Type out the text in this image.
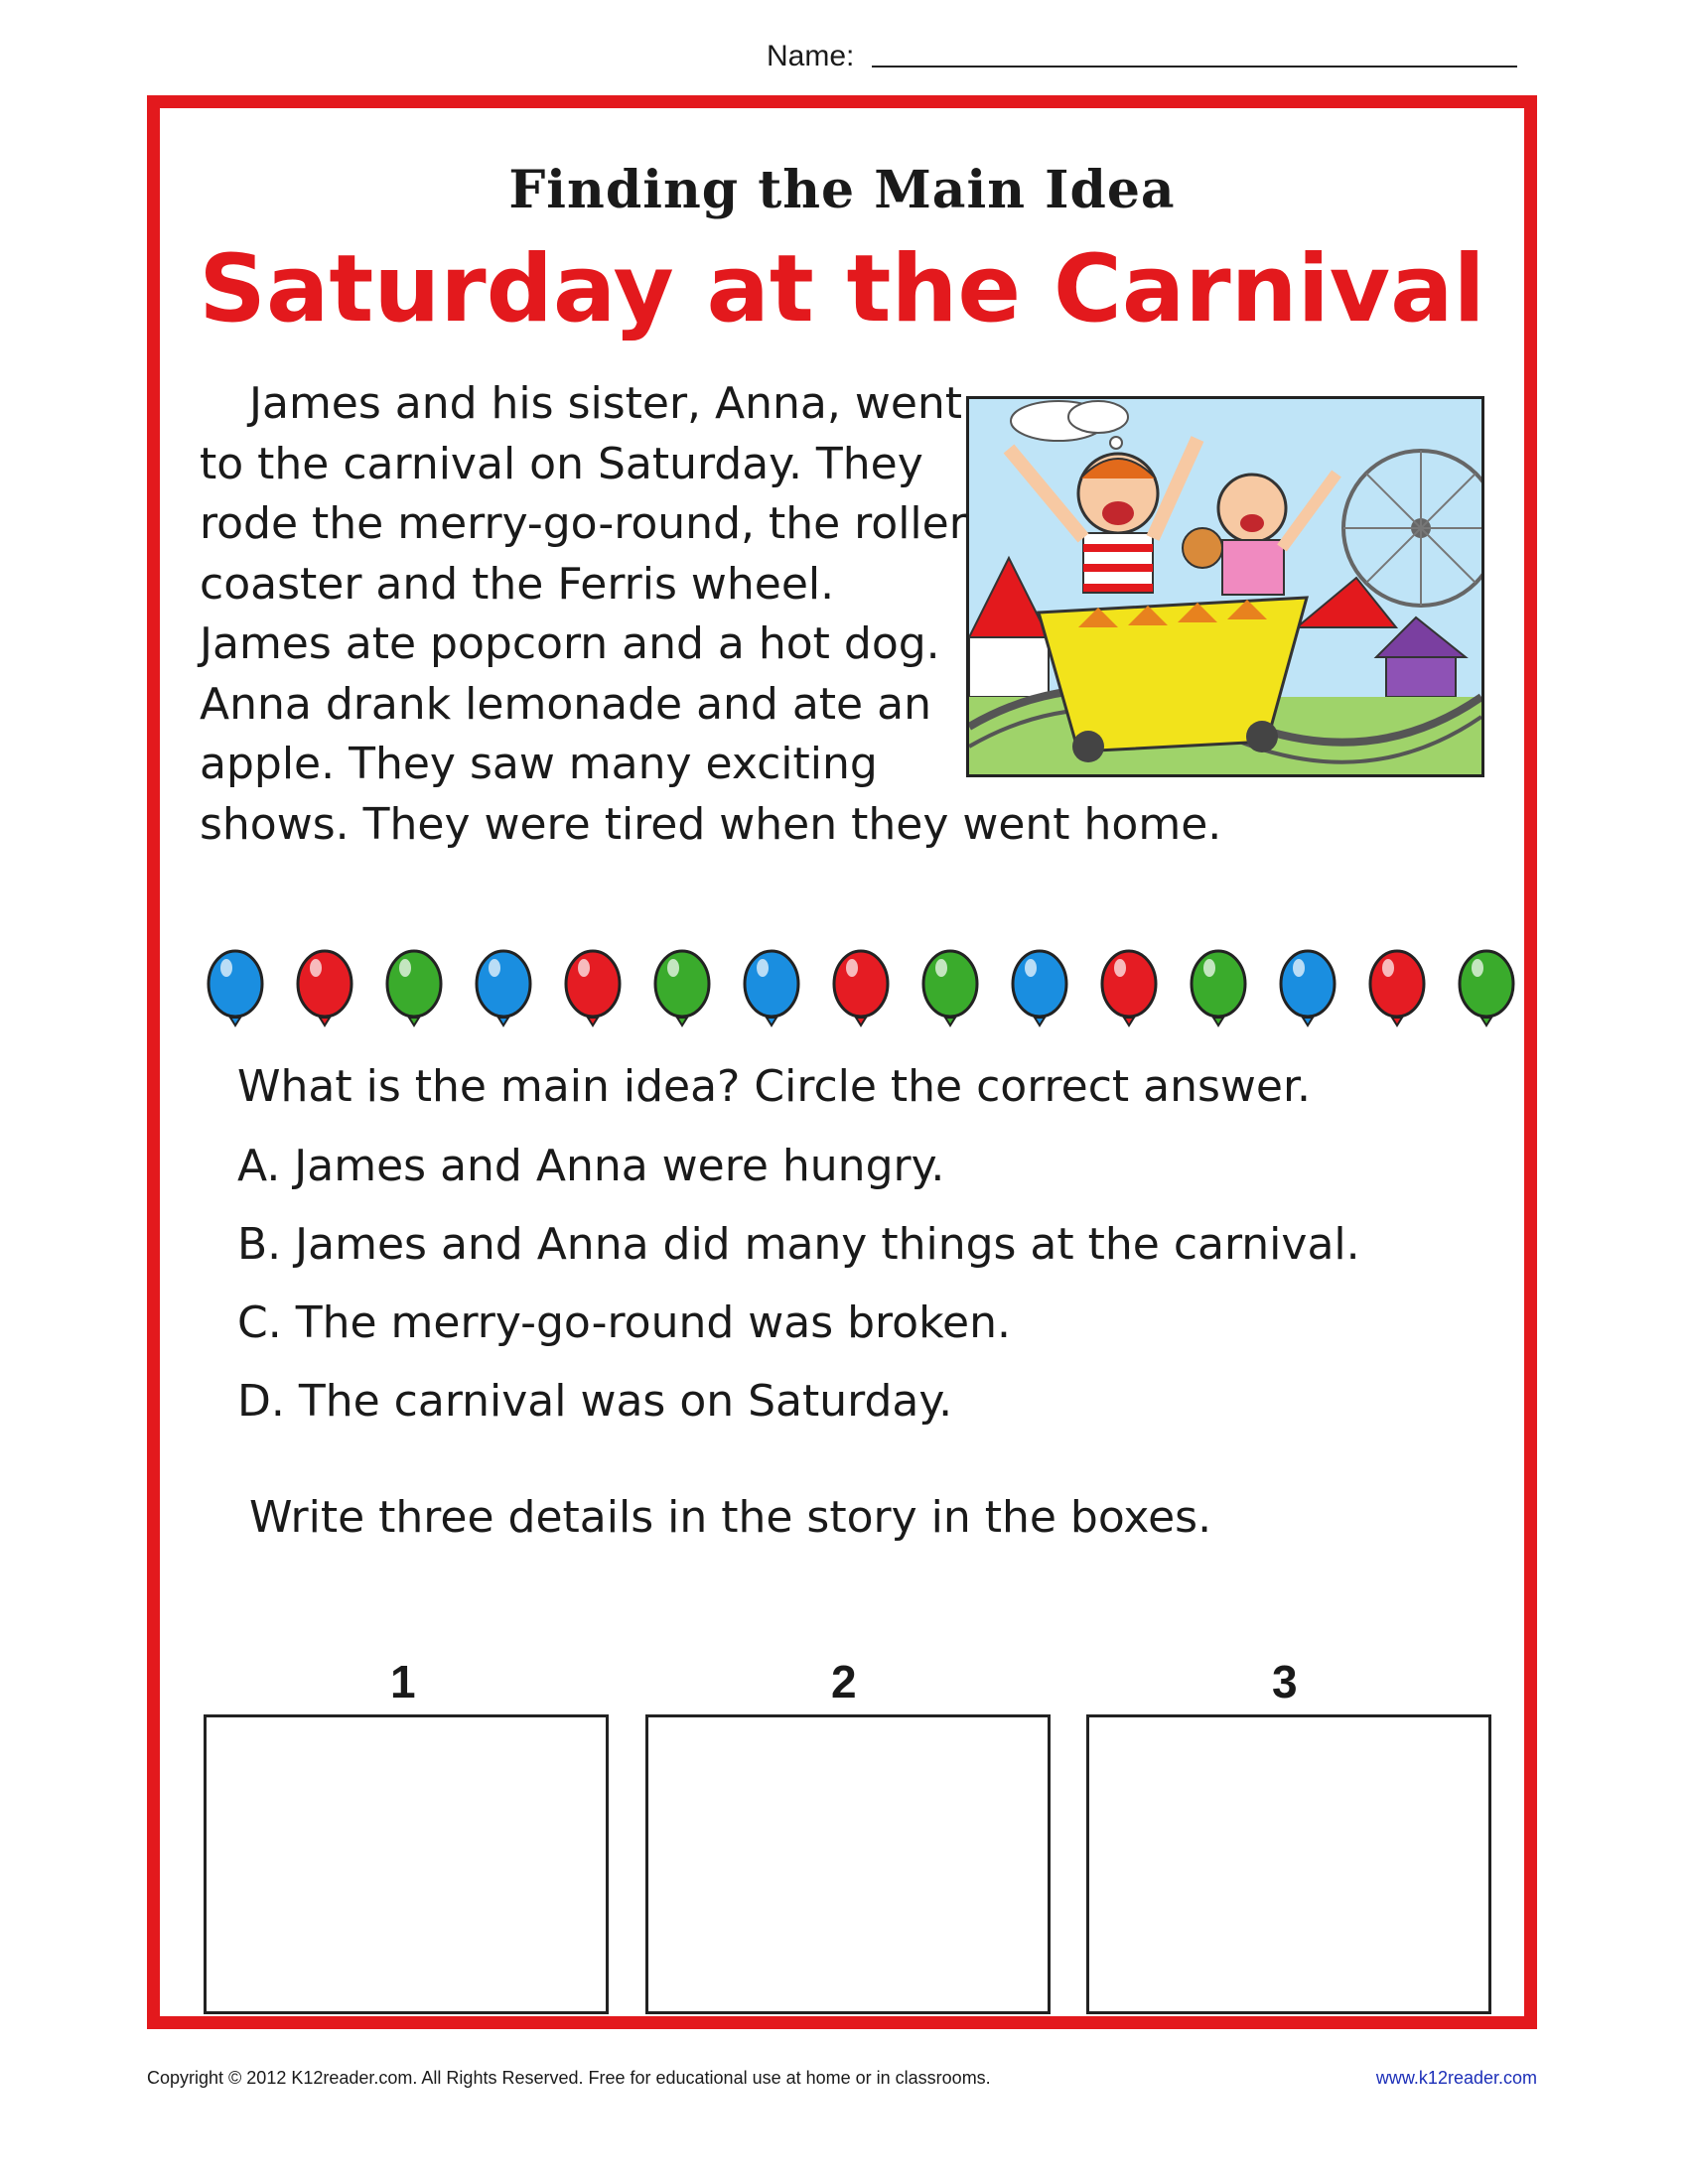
Name:
Finding the Main Idea
Saturday at the Carnival

James and his sister, Anna, went to the carnival on Saturday. They rode the merry-go-round, the roller coaster and the Ferris wheel. James ate popcorn and a hot dog. Anna drank lemonade and ate an apple. They saw many exciting shows. They were tired when they went home.

What is the main idea? Circle the correct answer.
A. James and Anna were hungry.
B. James and Anna did many things at the carnival.
C. The merry-go-round was broken.
D. The carnival was on Saturday.
Write three details in the story in the boxes.
1	2	3
Copyright © 2012 K12reader.com. All Rights Reserved. Free for educational use at home or in classrooms.	www.k12reader.com
